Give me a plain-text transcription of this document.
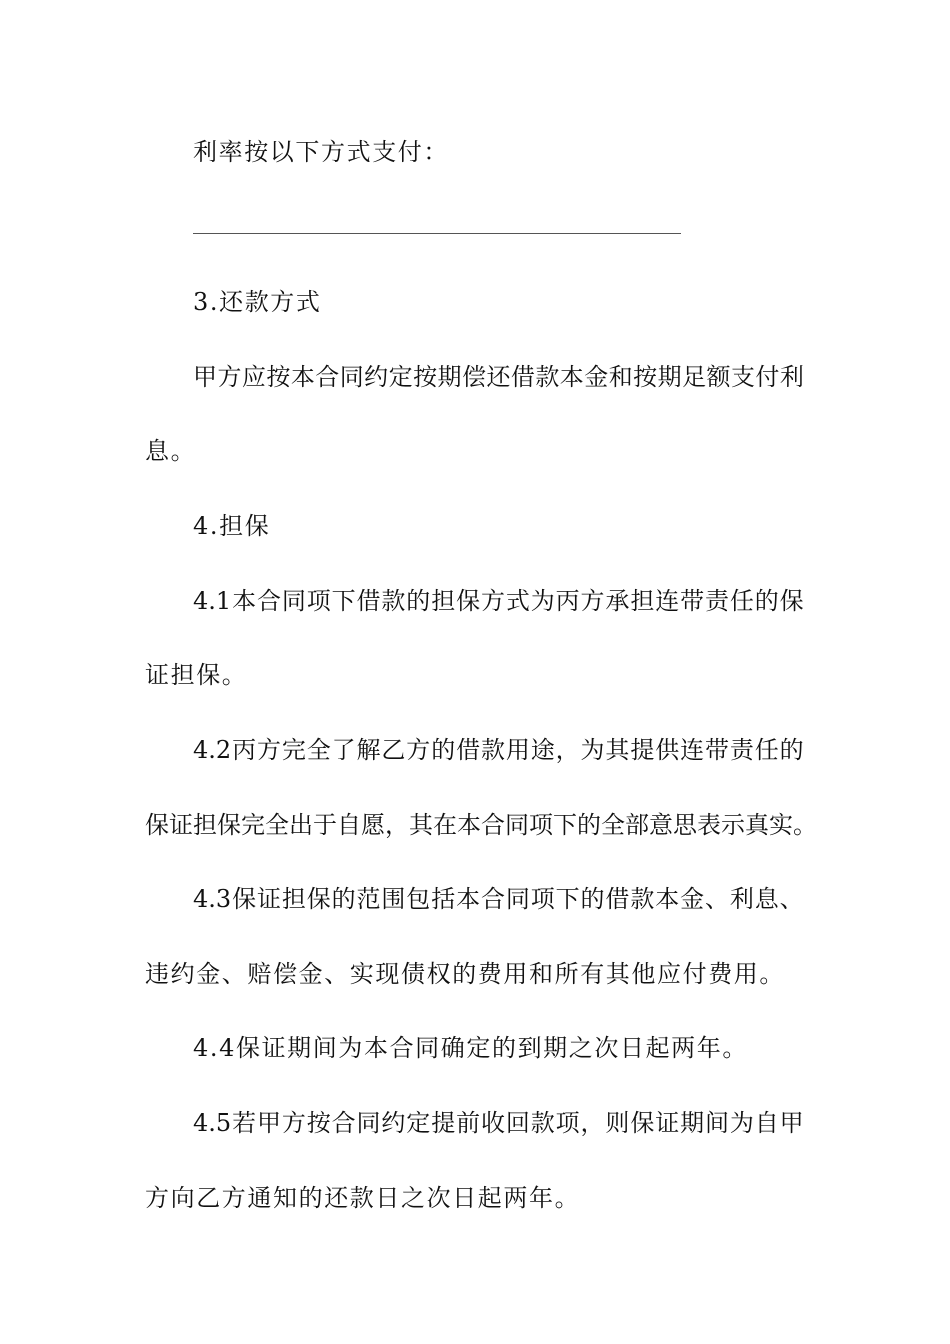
利率按以下方式支付：
3.还款方式
甲 方 应 按 本 合 同 约 定 按 期 偿 还 借 款 本 金 和 按 期 足 额 支 付 利
息。
4.担保
4.1 本 合 同 项 下 借 款 的 担 保 方 式 为 丙 方 承 担 连 带 责 任 的 保
证担保。
4.2 丙 方 完 全 了 解 乙 方 的 借 款 用 途 ， 为 其 提 供 连 带 责 任 的
保 证 担 保 完 全 出 于 自 愿 ， 其 在 本 合 同 项 下 的 全 部 意 思 表 示 真 实 。
4.3 保 证 担 保 的 范 围 包 括 本 合 同 项 下 的 借 款 本 金 、 利 息 、
违约金、赔偿金、实现债权的费用和所有其他应付费用。
4.4保证期间为本合同确定的到期之次日起两年。
4.5 若 甲 方 按 合 同 约 定 提 前 收 回 款 项 ， 则 保 证 期 间 为 自 甲
方向乙方通知的还款日之次日起两年。
